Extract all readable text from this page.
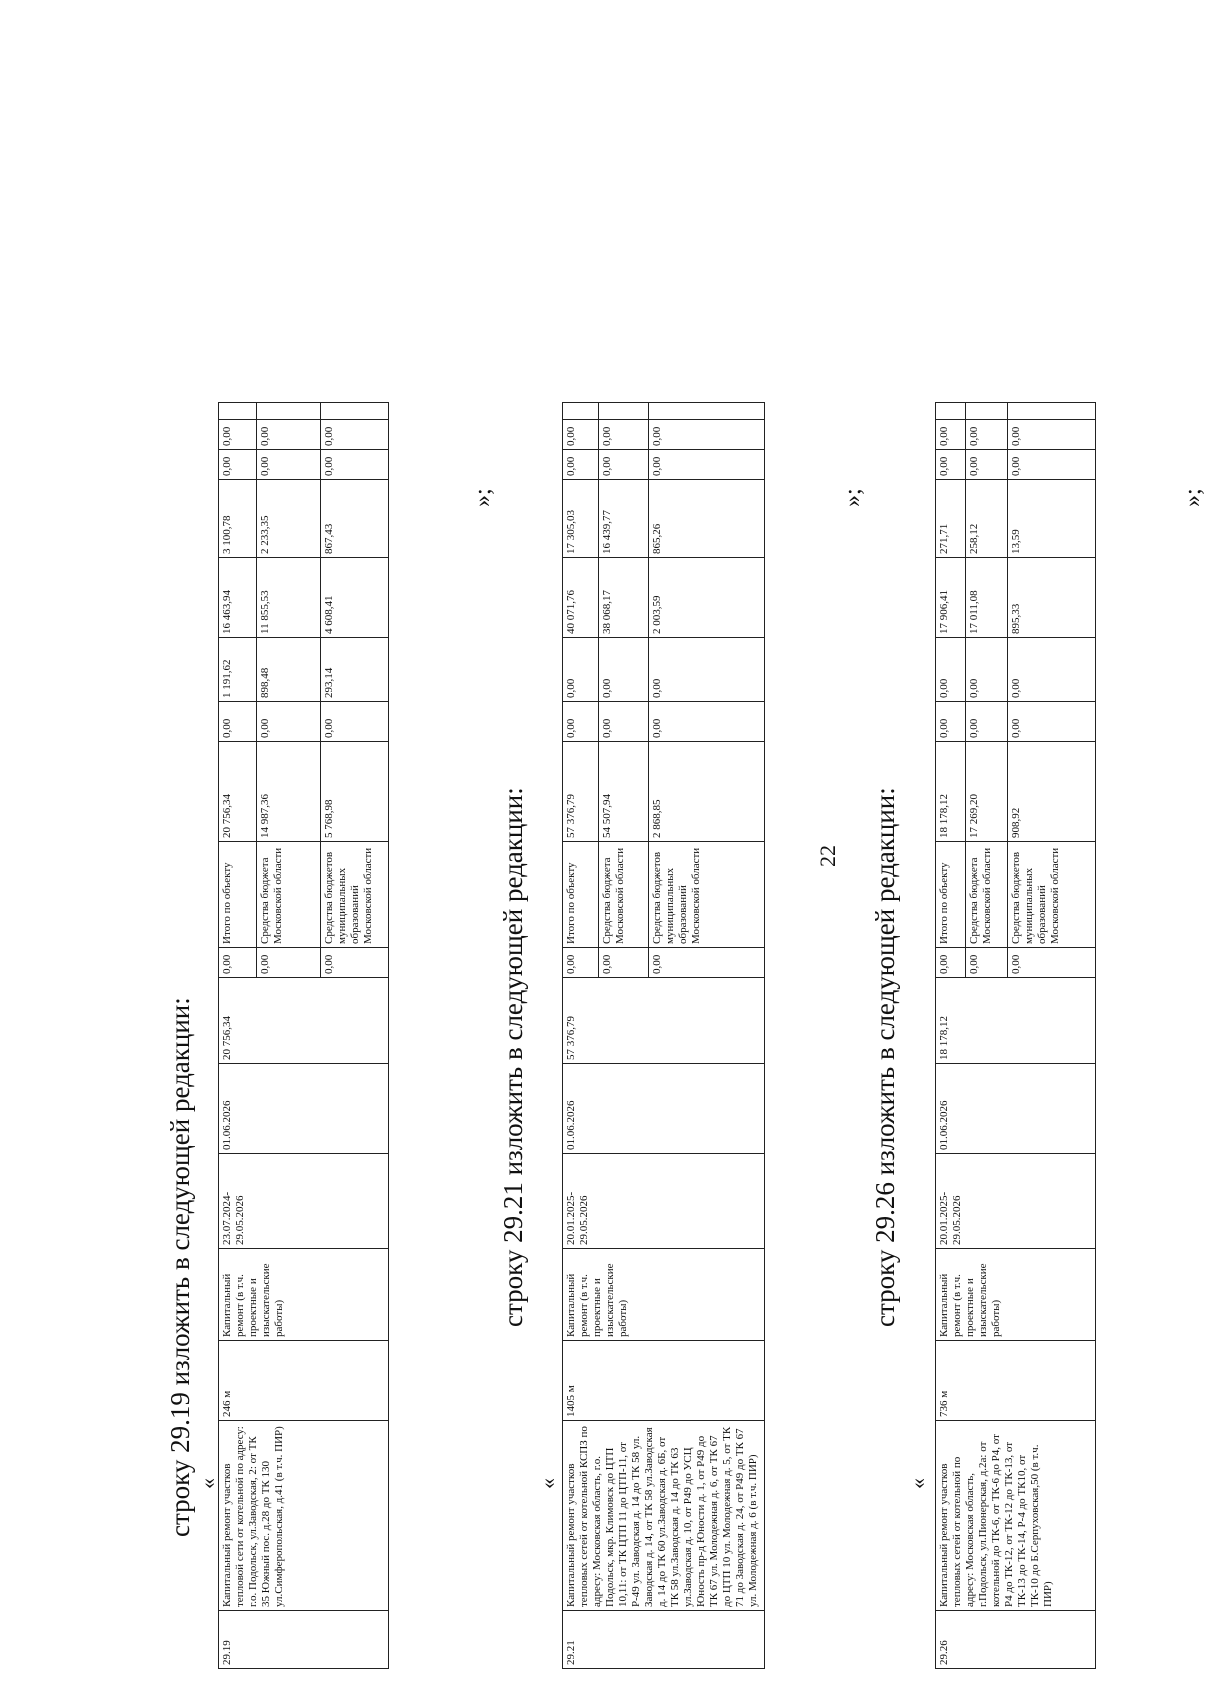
22
строку 29.19 изложить в следующей редакции: «
»;
29.19	Капитальный ремонт участков тепловой сети от котельной по адресу: г.о. Подольск, ул.Заводская, 2: от ТК 35 Южный пос. д.28 до ТК 130 ул.Симферопольская, д.41 (в т.ч. ПИР)	246 м	Капитальный ремонт (в т.ч. проектные и изыскательские работы)	23.07.2024-29.05.2026	01.06.2026	20 756,34	0,00	Итого по объекту	20 756,34	0,00	1 191,62	16 463,94	3 100,78	0,00	0,00	
							0,00	Средства бюджета Московской области	14 987,36	0,00	898,48	11 855,53	2 233,35	0,00	0,00	
							0,00	Средства бюджетов муниципальных образований Московской области	5 768,98	0,00	293,14	4 608,41	867,43	0,00	0,00	
строку 29.21 изложить в следующей редакции:
«
»;
29.21	Капитальный ремонт участков тепловых сетей от котельной КСПЗ по адресу: Московская область, г.о. Подольск, мкр. Климовск до ЦТП 10,11: от ТК ЦТП 11 до ЦТП-11, от Р-49 ул. Заводская д. 14 до ТК 58 ул. Заводская д. 14, от ТК 58 ул.Заводская д. 14 до ТК 60 ул.Заводская д. 6Б, от ТК 58 ул.Заводская д. 14 до ТК 63 ул.Заводская д. 10, от Р49 до УСЦ Юность пр-д Юности д. 1, от Р49 до ТК 67 ул. Молодежная д. 6, от ТК 67 до ЦТП 10 ул. Молодежная д. 5, от ТК 71 до Заводская д. 24, от Р49 до ТК 67 ул. Молодежная д. 6 (в т.ч. ПИР)	1405 м	Капитальный ремонт (в т.ч. проектные и изыскательские работы)	20.01.2025-29.05.2026	01.06.2026	57 376,79	0,00	Итого по объекту	57 376,79	0,00	0,00	40 071,76	17 305,03	0,00	0,00	
							0,00	Средства бюджета Московской области	54 507,94	0,00	0,00	38 068,17	16 439,77	0,00	0,00	
							0,00	Средства бюджетов муниципальных образований Московской области	2 868,85	0,00	0,00	2 003,59	865,26	0,00	0,00	
строку 29.26 изложить в следующей редакции:
«
»;
29.26	Капитальный ремонт участков тепловых сетей от котельной по адресу: Московская область, г.Подольск, ул.Пионерская, д.2а: от котельной до ТК-6, от ТК-6 до Р4, от Р4 до ТК-12, от ТК-12 до ТК-13, от ТК-13 до ТК-14, Р-4 до ТК10, от ТК-10 до Б.Серпуховская,50 (в т.ч. ПИР)	736 м	Капитальный ремонт (в т.ч. проектные и изыскательские работы)	20.01.2025-29.05.2026	01.06.2026	18 178,12	0,00	Итого по объекту	18 178,12	0,00	0,00	17 906,41	271,71	0,00	0,00	
							0,00	Средства бюджета Московской области	17 269,20	0,00	0,00	17 011,08	258,12	0,00	0,00	
							0,00	Средства бюджетов муниципальных образований Московской области	908,92	0,00	0,00	895,33	13,59	0,00	0,00	
